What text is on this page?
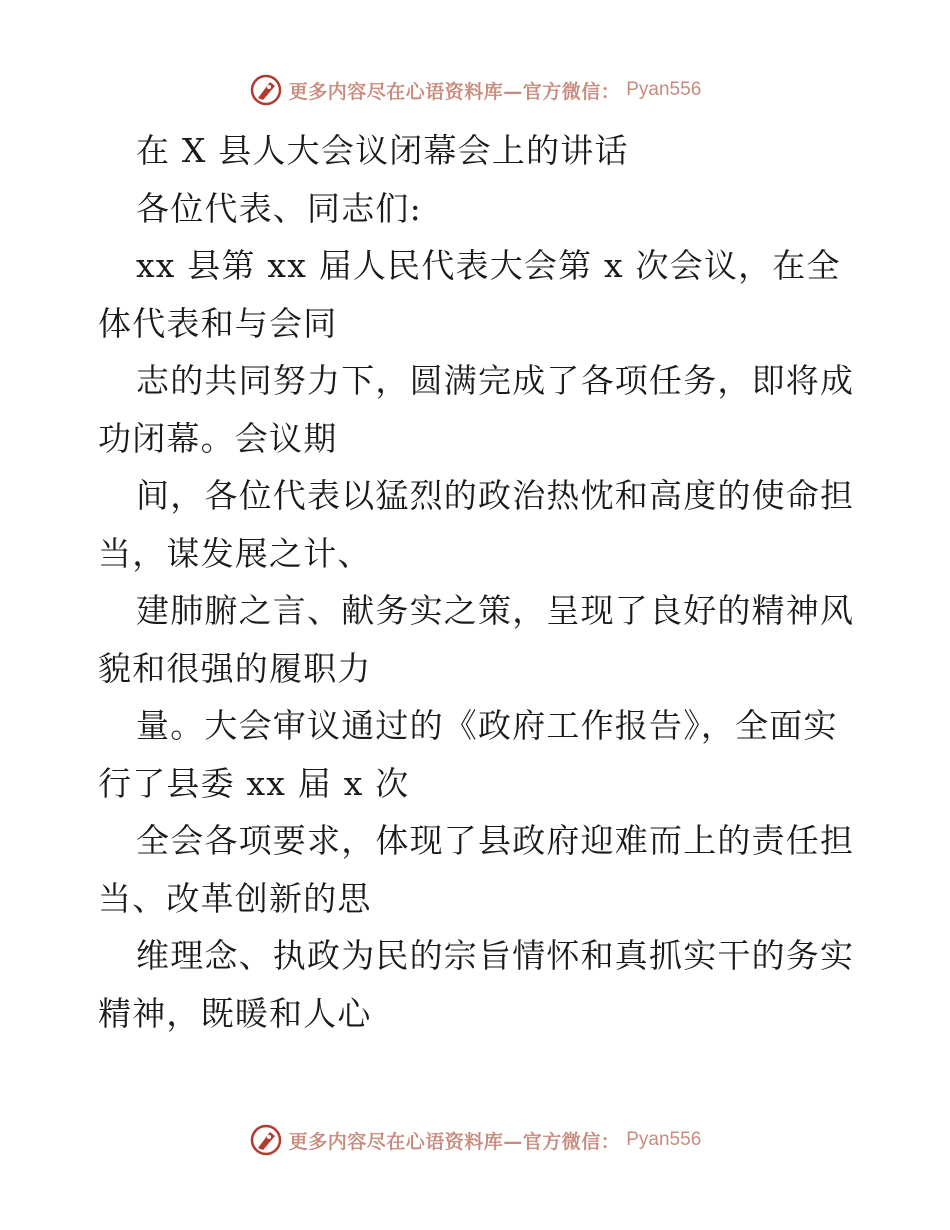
更多内容尽在心语资料库—官方微信： Pyan556
在 X 县人大会议闭幕会上的讲话
各位代表、同志们:
xx 县第 xx 届人民代表大会第 x 次会议，在全
体代表和与会同
志的共同努力下，圆满完成了各项任务，即将成
功闭幕。会议期
间，各位代表以猛烈的政治热忱和高度的使命担
当，谋发展之计、
建肺腑之言、献务实之策，呈现了良好的精神风
貌和很强的履职力
量。大会审议通过的《政府工作报告》，全面实
行了县委 xx 届 x 次
全会各项要求，体现了县政府迎难而上的责任担
当、改革创新的思
维理念、执政为民的宗旨情怀和真抓实干的务实
精神，既暖和人心
更多内容尽在心语资料库—官方微信： Pyan556
